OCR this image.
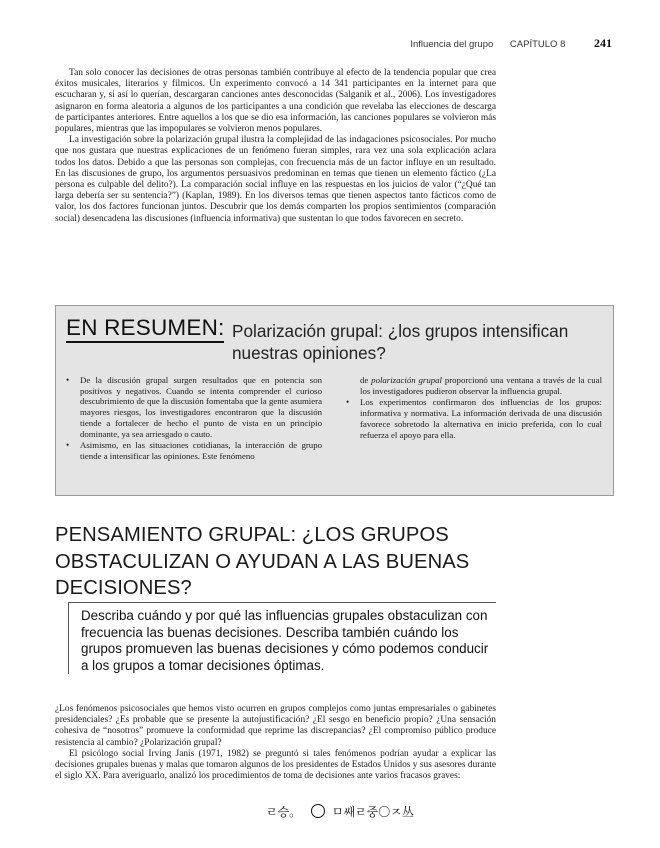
Influencia del grupo CAPÍTULO 8 241

Tan solo conocer las decisiones de otras personas también contribuye al efecto de la tendencia popular que crea éxitos musicales, literarios y fílmicos. Un experimento convocó a 14 341 participantes en la internet para que escucharan y, si así lo querían, descargaran canciones antes desconocidas (Salganik et al., 2006). Los investigadores asignaron en forma aleatoria a algunos de los participantes a una condición que revelaba las elecciones de descarga de participantes anteriores. Entre aquellos a los que se dio esa información, las canciones populares se volvieron más populares, mientras que las impopulares se volvieron menos populares.

La investigación sobre la polarización grupal ilustra la complejidad de las indagaciones psicosociales. Por mucho que nos gustara que nuestras explicaciones de un fenómeno fueran simples, rara vez una sola explicación aclara todos los datos. Debido a que las personas son complejas, con frecuencia más de un factor influye en un resultado. En las discusiones de grupo, los argumentos persuasivos predominan en temas que tienen un elemento fáctico (¿La persona es culpable del delito?). La comparación social influye en las respuestas en los juicios de valor (“¿Qué tan larga debería ser su sentencia?”) (Kaplan, 1989). En los diversos temas que tienen aspectos tanto fácticos como de valor, los dos factores funcionan juntos. Descubrir que los demás comparten los propios sentimientos (comparación social) desencadena las discusiones (influencia informativa) que sustentan lo que todos favorecen en secreto.

EN RESUMEN: Polarización grupal: ¿los grupos intensifican nuestras opiniones?
• De la discusión grupal surgen resultados que en potencia son positivos y negativos. Cuando se intenta comprender el curioso descubrimiento de que la discusión fomentaba que la gente asumiera mayores riesgos, los investigadores encontraron que la discusión tiende a fortalecer de hecho el punto de vista en un principio dominante, ya sea arriesgado o cauto.
• Asimismo, en las situaciones cotidianas, la interacción de grupo tiende a intensificar las opiniones. Este fenómeno
de polarización grupal proporcionó una ventana a través de la cual los investigadores pudieron observar la influencia grupal.
• Los experimentos confirmaron dos influencias de los grupos: informativa y normativa. La información derivada de una discusión favorece sobretodo la alternativa en inicio preferida, con lo cual refuerza el apoyo para ella.
PENSAMIENTO GRUPAL: ¿LOS GRUPOS OBSTACULIZAN O AYUDAN A LAS BUENAS DECISIONES?
Describa cuándo y por qué las influencias grupales obstaculizan con frecuencia las buenas decisiones. Describa también cuándo los grupos promueven las buenas decisiones y cómo podemos conducir a los grupos a tomar decisiones óptimas.

¿Los fenómenos psicosociales que hemos visto ocurren en grupos complejos como juntas empresariales o gabinetes presidenciales? ¿Es probable que se presente la autojustificación? ¿El sesgo en beneficio propio? ¿Una sensación cohesiva de “nosotros” promueve la conformidad que reprime las discrepancias? ¿El compromiso público produce resistencia al cambio? ¿Polarización grupal?

El psicólogo social Irving Janis (1971, 1982) se preguntó si tales fenómenos podrían ayudar a explicar las decisiones grupales buenas y malas que tomaron algunos de los presidentes de Estados Unidos y sus asesores durante el siglo XX. Para averiguarlo, analizó los procedimientos de toma de decisiones ante varios fracasos graves:

ㄹ승。	ㅁ쌔ㄹ중〇ㅈ丛
